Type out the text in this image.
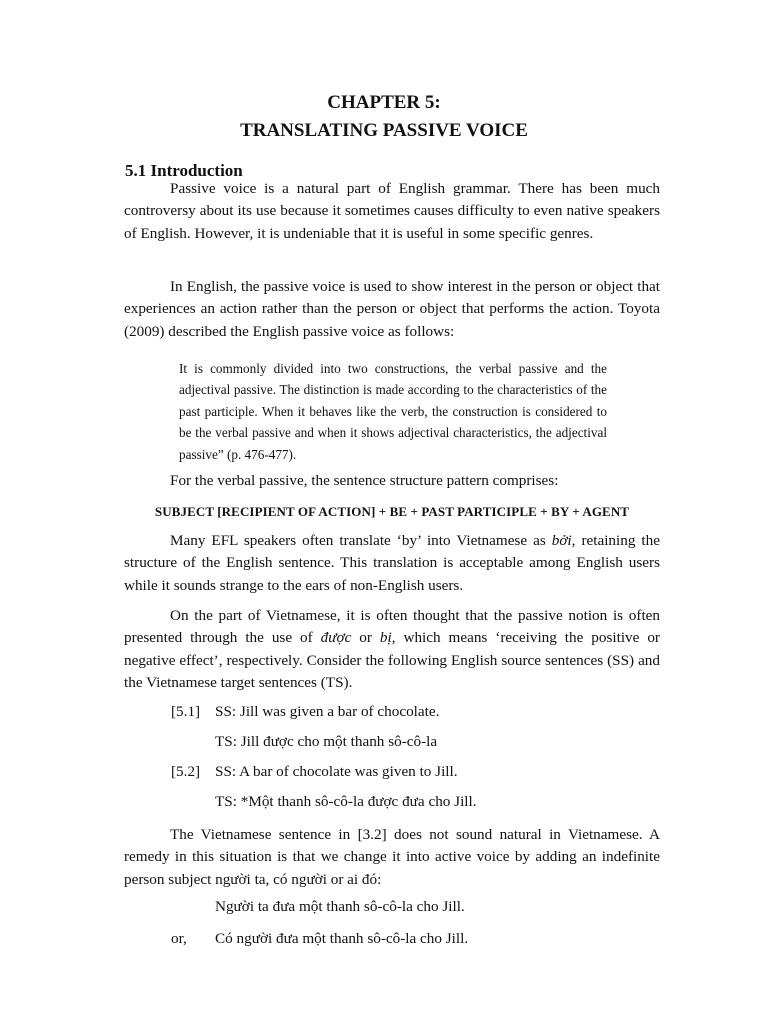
CHAPTER 5:
TRANSLATING PASSIVE VOICE
5.1 Introduction

Passive voice is a natural part of English grammar. There has been much controversy about its use because it sometimes causes difficulty to even native speakers of English. However, it is undeniable that it is useful in some specific genres.

In English, the passive voice is used to show interest in the person or object that experiences an action rather than the person or object that performs the action. Toyota (2009) described the English passive voice as follows:

It is commonly divided into two constructions, the verbal passive and the adjectival passive. The distinction is made according to the characteristics of the past participle. When it behaves like the verb, the construction is considered to be the verbal passive and when it shows adjectival characteristics, the adjectival passive” (p. 476-477).

For the verbal passive, the sentence structure pattern comprises:

SUBJECT [RECIPIENT OF ACTION] + BE + PAST PARTICIPLE + BY + AGENT

Many EFL speakers often translate ‘by’ into Vietnamese as bởi, retaining the structure of the English sentence. This translation is acceptable among English users while it sounds strange to the ears of non-English users.

On the part of Vietnamese, it is often thought that the passive notion is often presented through the use of được or bị, which means ‘receiving the positive or negative effect’, respectively. Consider the following English source sentences (SS) and the Vietnamese target sentences (TS).

[5.1] SS: Jill was given a bar of chocolate.
TS: Jill được cho một thanh sô-cô-la
[5.2] SS: A bar of chocolate was given to Jill.
TS: *Một thanh sô-cô-la được đưa cho Jill.

The Vietnamese sentence in [3.2] does not sound natural in Vietnamese. A remedy in this situation is that we change it into active voice by adding an indefinite person subject người ta, có người or ai đó:

Người ta đưa một thanh sô-cô-la cho Jill.
or, Có người đưa một thanh sô-cô-la cho Jill.
